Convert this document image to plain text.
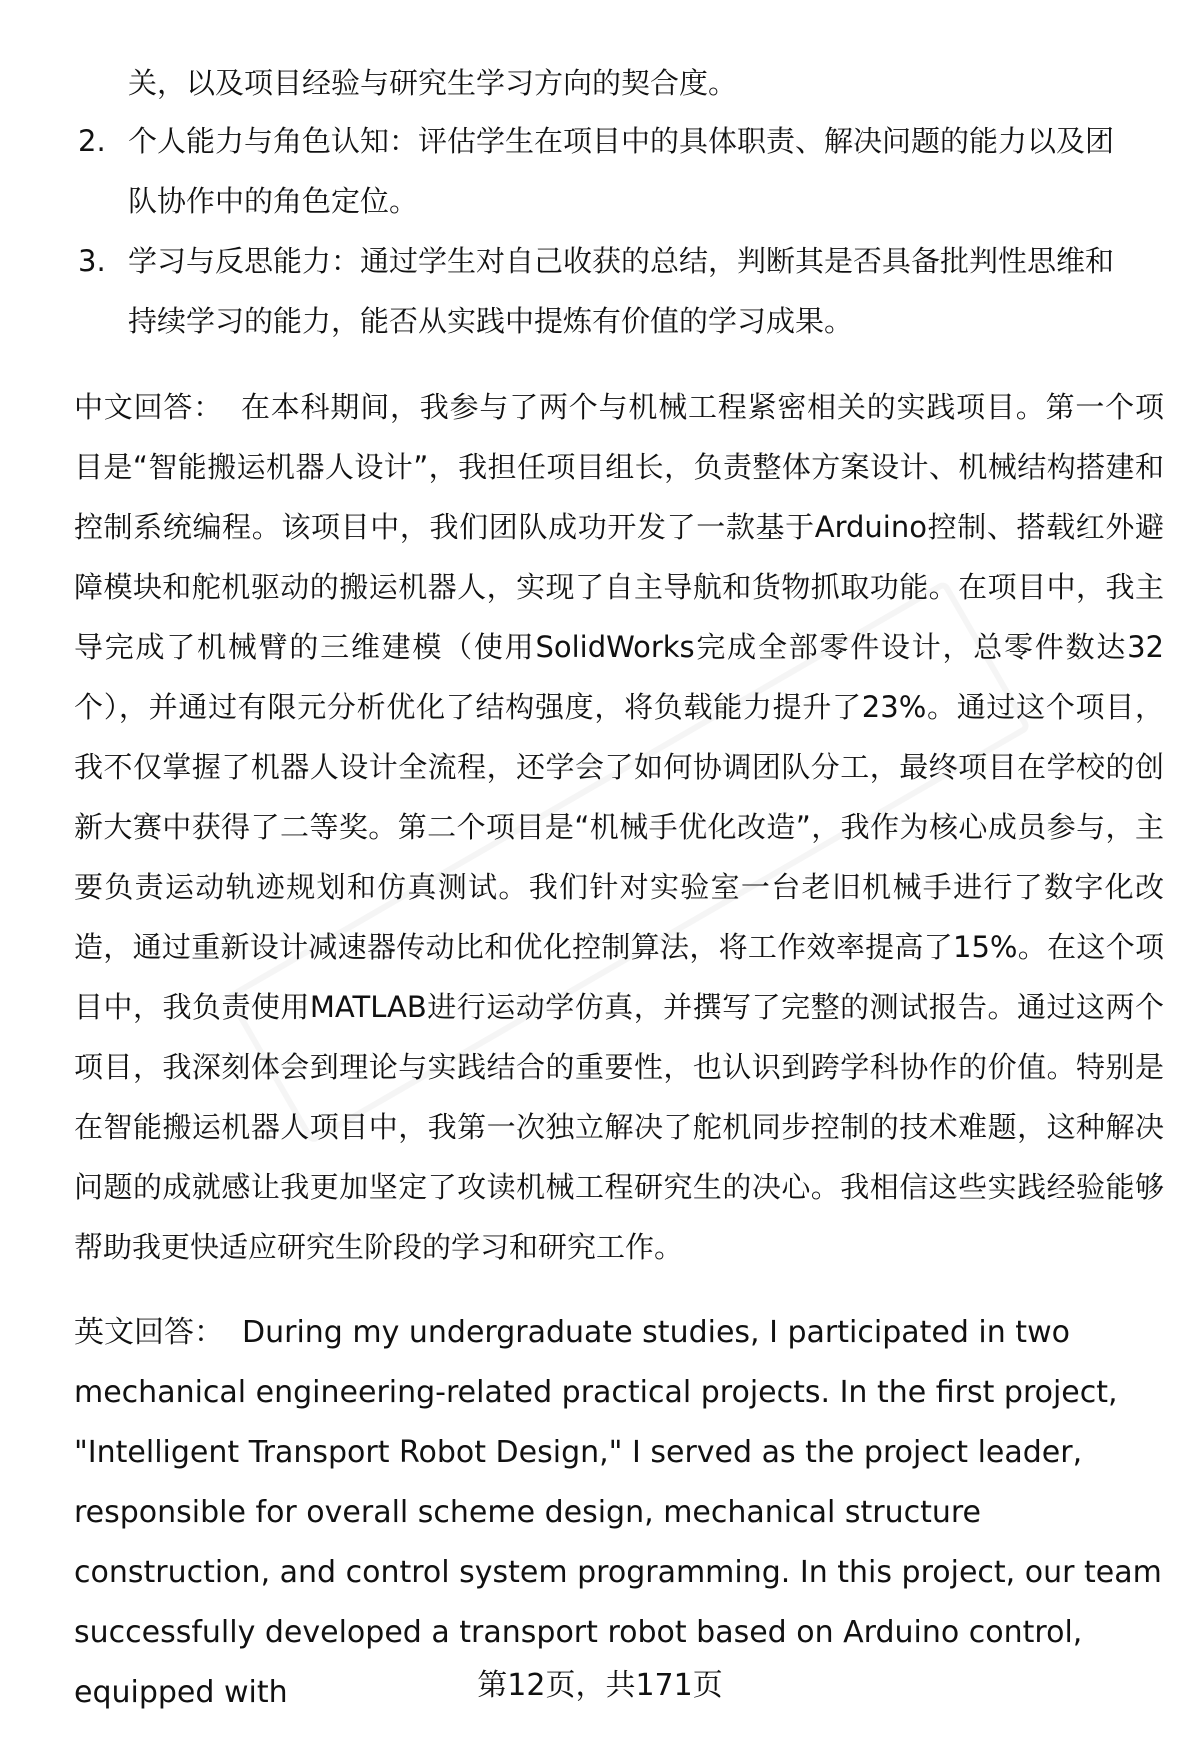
关，以及项目经验与研究生学习方向的契合度。

2. 个人能力与角色认知：评估学生在项目中的具体职责、解决问题的能力以及团队协作中的角色定位。
3. 学习与反思能力：通过学生对自己收获的总结，判断其是否具备批判性思维和持续学习的能力，能否从实践中提炼有价值的学习成果。

中文回答： 在本科期间，我参与了两个与机械工程紧密相关的实践项目。第一个项目是“智能搬运机器人设计”，我担任项目组长，负责整体方案设计、机械结构搭建和控制系统编程。该项目中，我们团队成功开发了一款基于Arduino控制、搭载红外避障模块和舵机驱动的搬运机器人，实现了自主导航和货物抓取功能。在项目中，我主导完成了机械臂的三维建模（使用SolidWorks完成全部零件设计，总零件数达32个），并通过有限元分析优化了结构强度，将负载能力提升了23%。通过这个项目，我不仅掌握了机器人设计全流程，还学会了如何协调团队分工，最终项目在学校的创新大赛中获得了二等奖。第二个项目是“机械手优化改造”，我作为核心成员参与，主要负责运动轨迹规划和仿真测试。我们针对实验室一台老旧机械手进行了数字化改造，通过重新设计减速器传动比和优化控制算法，将工作效率提高了15%。在这个项目中，我负责使用MATLAB进行运动学仿真，并撰写了完整的测试报告。通过这两个项目，我深刻体会到理论与实践结合的重要性，也认识到跨学科协作的价值。特别是在智能搬运机器人项目中，我第一次独立解决了舵机同步控制的技术难题，这种解决问题的成就感让我更加坚定了攻读机械工程研究生的决心。我相信这些实践经验能够帮助我更快适应研究生阶段的学习和研究工作。

英文回答： During my undergraduate studies, I participated in two mechanical engineering-related practical projects. In the first project, "Intelligent Transport Robot Design," I served as the project leader, responsible for overall scheme design, mechanical structure construction, and control system programming. In this project, our team successfully developed a transport robot based on Arduino control, equipped with	第12页，共171页
